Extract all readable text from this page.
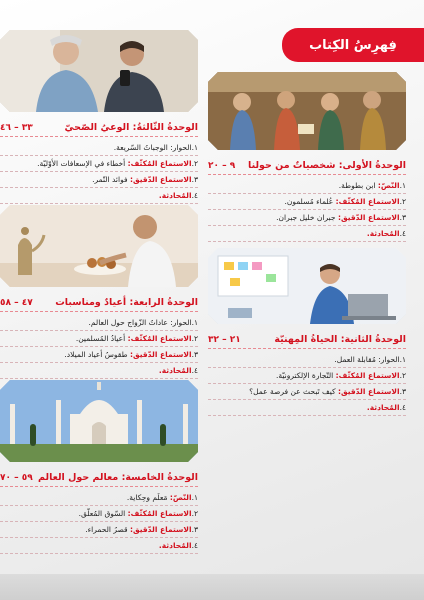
فِهرِسُ الكِتاب
الوحدةُ الثّالثةُ: الوعيُ الصّحيّ
٣٣ – ٤٦
١.الحوار: الوجباتُ السّريعة.
٢.الاستماع المُكثّف: أخطاء في الإسعافات الأوّليّة.
٣.الاستماع الدّقيق: فوائد التّمر.
٤.المُحادثة.
الوحدةُ الرابعة: أعيادٌ ومناسبات
٤٧ – ٥٨
١.الحوار: عاداتُ الزّواج حول العالم.
٢.الاستماع المُكثّف: أعيادُ المُسلمين.
٣.الاستماع الدّقيق: طقوسُ أعياد الميلاد.
٤.المُحادثة.
الوحدةُ الخامسة: معالم حول العالم
٥٩ – ٧٠
١.النّصّ: مَعلَم وحِكاية.
٢.الاستماع المُكثّف: السّوق المُعلّق.
٣.الاستماع الدّقيق: قصرُ الحمراء.
٤.المُحادثة.
الوحدةُ الأولى: شخصياتٌ من حولنا
٩ – ٢٠
١.النّصّ: ابن بطوطة.
٢.الاستماع المُكثّف: عُلماء مُسلمون.
٣.الاستماع الدّقيق: جبران خليل جبران.
٤.المُحادثة.
الوحدةُ الثانية: الحياةُ المِهنيّة
٢١ – ٣٢
١.الحوار: مُقابلة العمل.
٢.الاستماع المُكثّف: التّجارة الإلكترونيّة.
٣.الاستماع الدّقيق: كيف تَبحث عن فرصة عمل؟
٤.المُحادثة.
